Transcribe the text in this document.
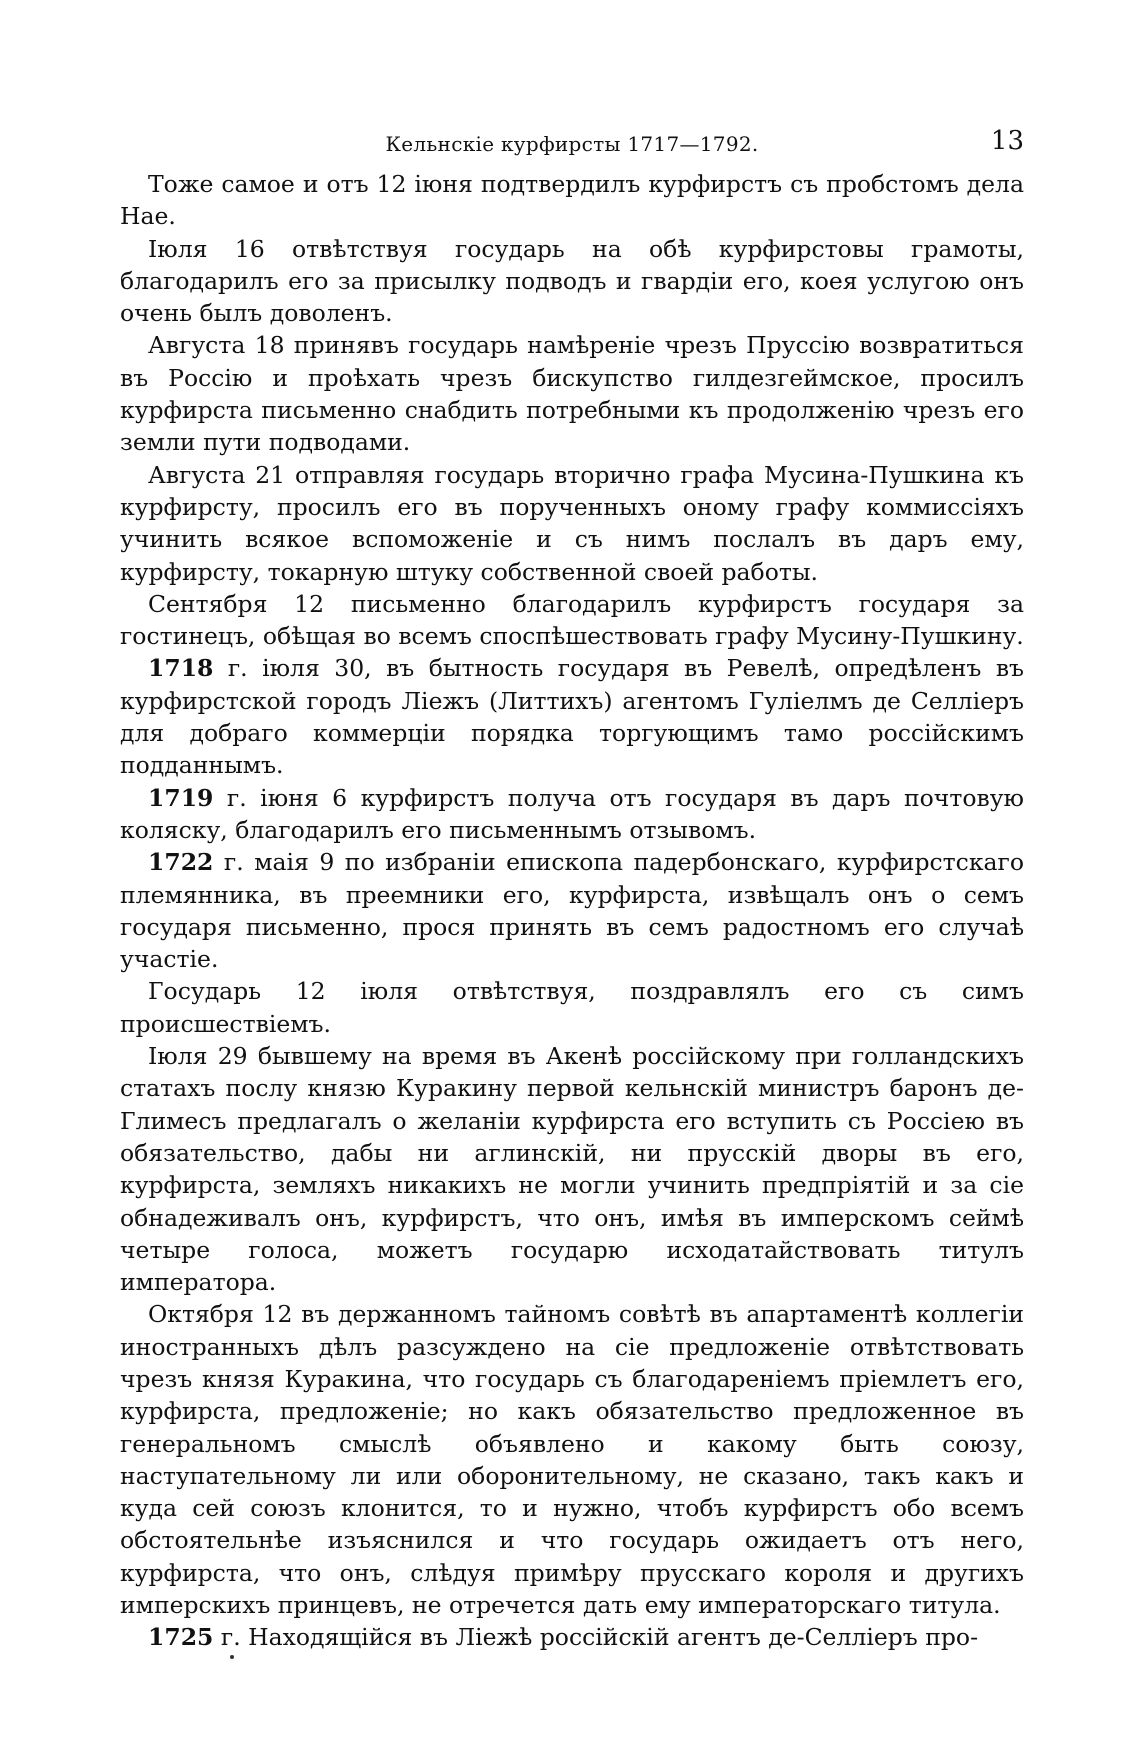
Кельнскіе курфирсты 1717—1792.	13

Тоже самое и отъ 12 іюня подтвердилъ курфирстъ съ пробстомъ дела Нае.

Іюля 16 отвѣтствуя государь на обѣ курфирстовы грамоты, благодарилъ его за присылку подводъ и гвардіи его, коея услугою онъ очень былъ доволенъ.

Августа 18 принявъ государь намѣреніе чрезъ Пруссію возвратиться въ Россію и проѣхать чрезъ бискупство гилдезгеймское, просилъ курфирста письменно снабдить потребными къ продолженію чрезъ его земли пути подводами.

Августа 21 отправляя государь вторично графа Мусина-Пушкина къ курфирсту, просилъ его въ порученныхъ оному графу коммиссіяхъ учинить всякое вспоможеніе и съ нимъ послалъ въ даръ ему, курфирсту, токарную штуку собственной своей работы.

Сентября 12 письменно благодарилъ курфирстъ государя за гостинецъ, обѣщая во всемъ споспѣшествовать графу Мусину-Пушкину.

1718 г. іюля 30, въ бытность государя въ Ревелѣ, опредѣленъ въ курфирстской городъ Ліежъ (Литтихъ) агентомъ Гуліелмъ де Селліеръ для добраго коммерціи порядка торгующимъ тамо россійскимъ подданнымъ.

1719 г. іюня 6 курфирстъ получа отъ государя въ даръ почтовую коляску, благодарилъ его письменнымъ отзывомъ.

1722 г. маія 9 по избраніи епископа падербонскаго, курфирстскаго племянника, въ преемники его, курфирста, извѣщалъ онъ о семъ государя письменно, прося принять въ семъ радостномъ его случаѣ участіе.

Государь 12 іюля отвѣтствуя, поздравлялъ его съ симъ происшествіемъ.

Іюля 29 бывшему на время въ Акенѣ россійскому при голландскихъ статахъ послу князю Куракину первой кельнскій министръ баронъ де-Глимесъ предлагалъ о желаніи курфирста его вступить съ Россіею въ обязательство, дабы ни аглинскій, ни прусскій дворы въ его, курфирста, земляхъ никакихъ не могли учинить предпріятій и за сіе обнадеживалъ онъ, курфирстъ, что онъ, имѣя въ имперскомъ сеймѣ четыре голоса, можетъ государю исходатайствовать титулъ императора.

Октября 12 въ держанномъ тайномъ совѣтѣ въ апартаментѣ коллегіи иностранныхъ дѣлъ разсуждено на сіе предложеніе отвѣтствовать чрезъ князя Куракина, что государь съ благодареніемъ пріемлетъ его, курфирста, предложеніе; но какъ обязательство предложенное въ генеральномъ смыслѣ объявлено и какому быть союзу, наступательному ли или оборонительному, не сказано, такъ какъ и куда сей союзъ клонится, то и нужно, чтобъ курфирстъ обо всемъ обстоятельнѣе изъяснился и что государь ожидаетъ отъ него, курфирста, что онъ, слѣдуя примѣру прусскаго короля и другихъ имперскихъ принцевъ, не отречется дать ему императорскаго титула.

1725 г. Находящійся въ Ліежѣ россійскій агентъ де-Селліеръ про-
